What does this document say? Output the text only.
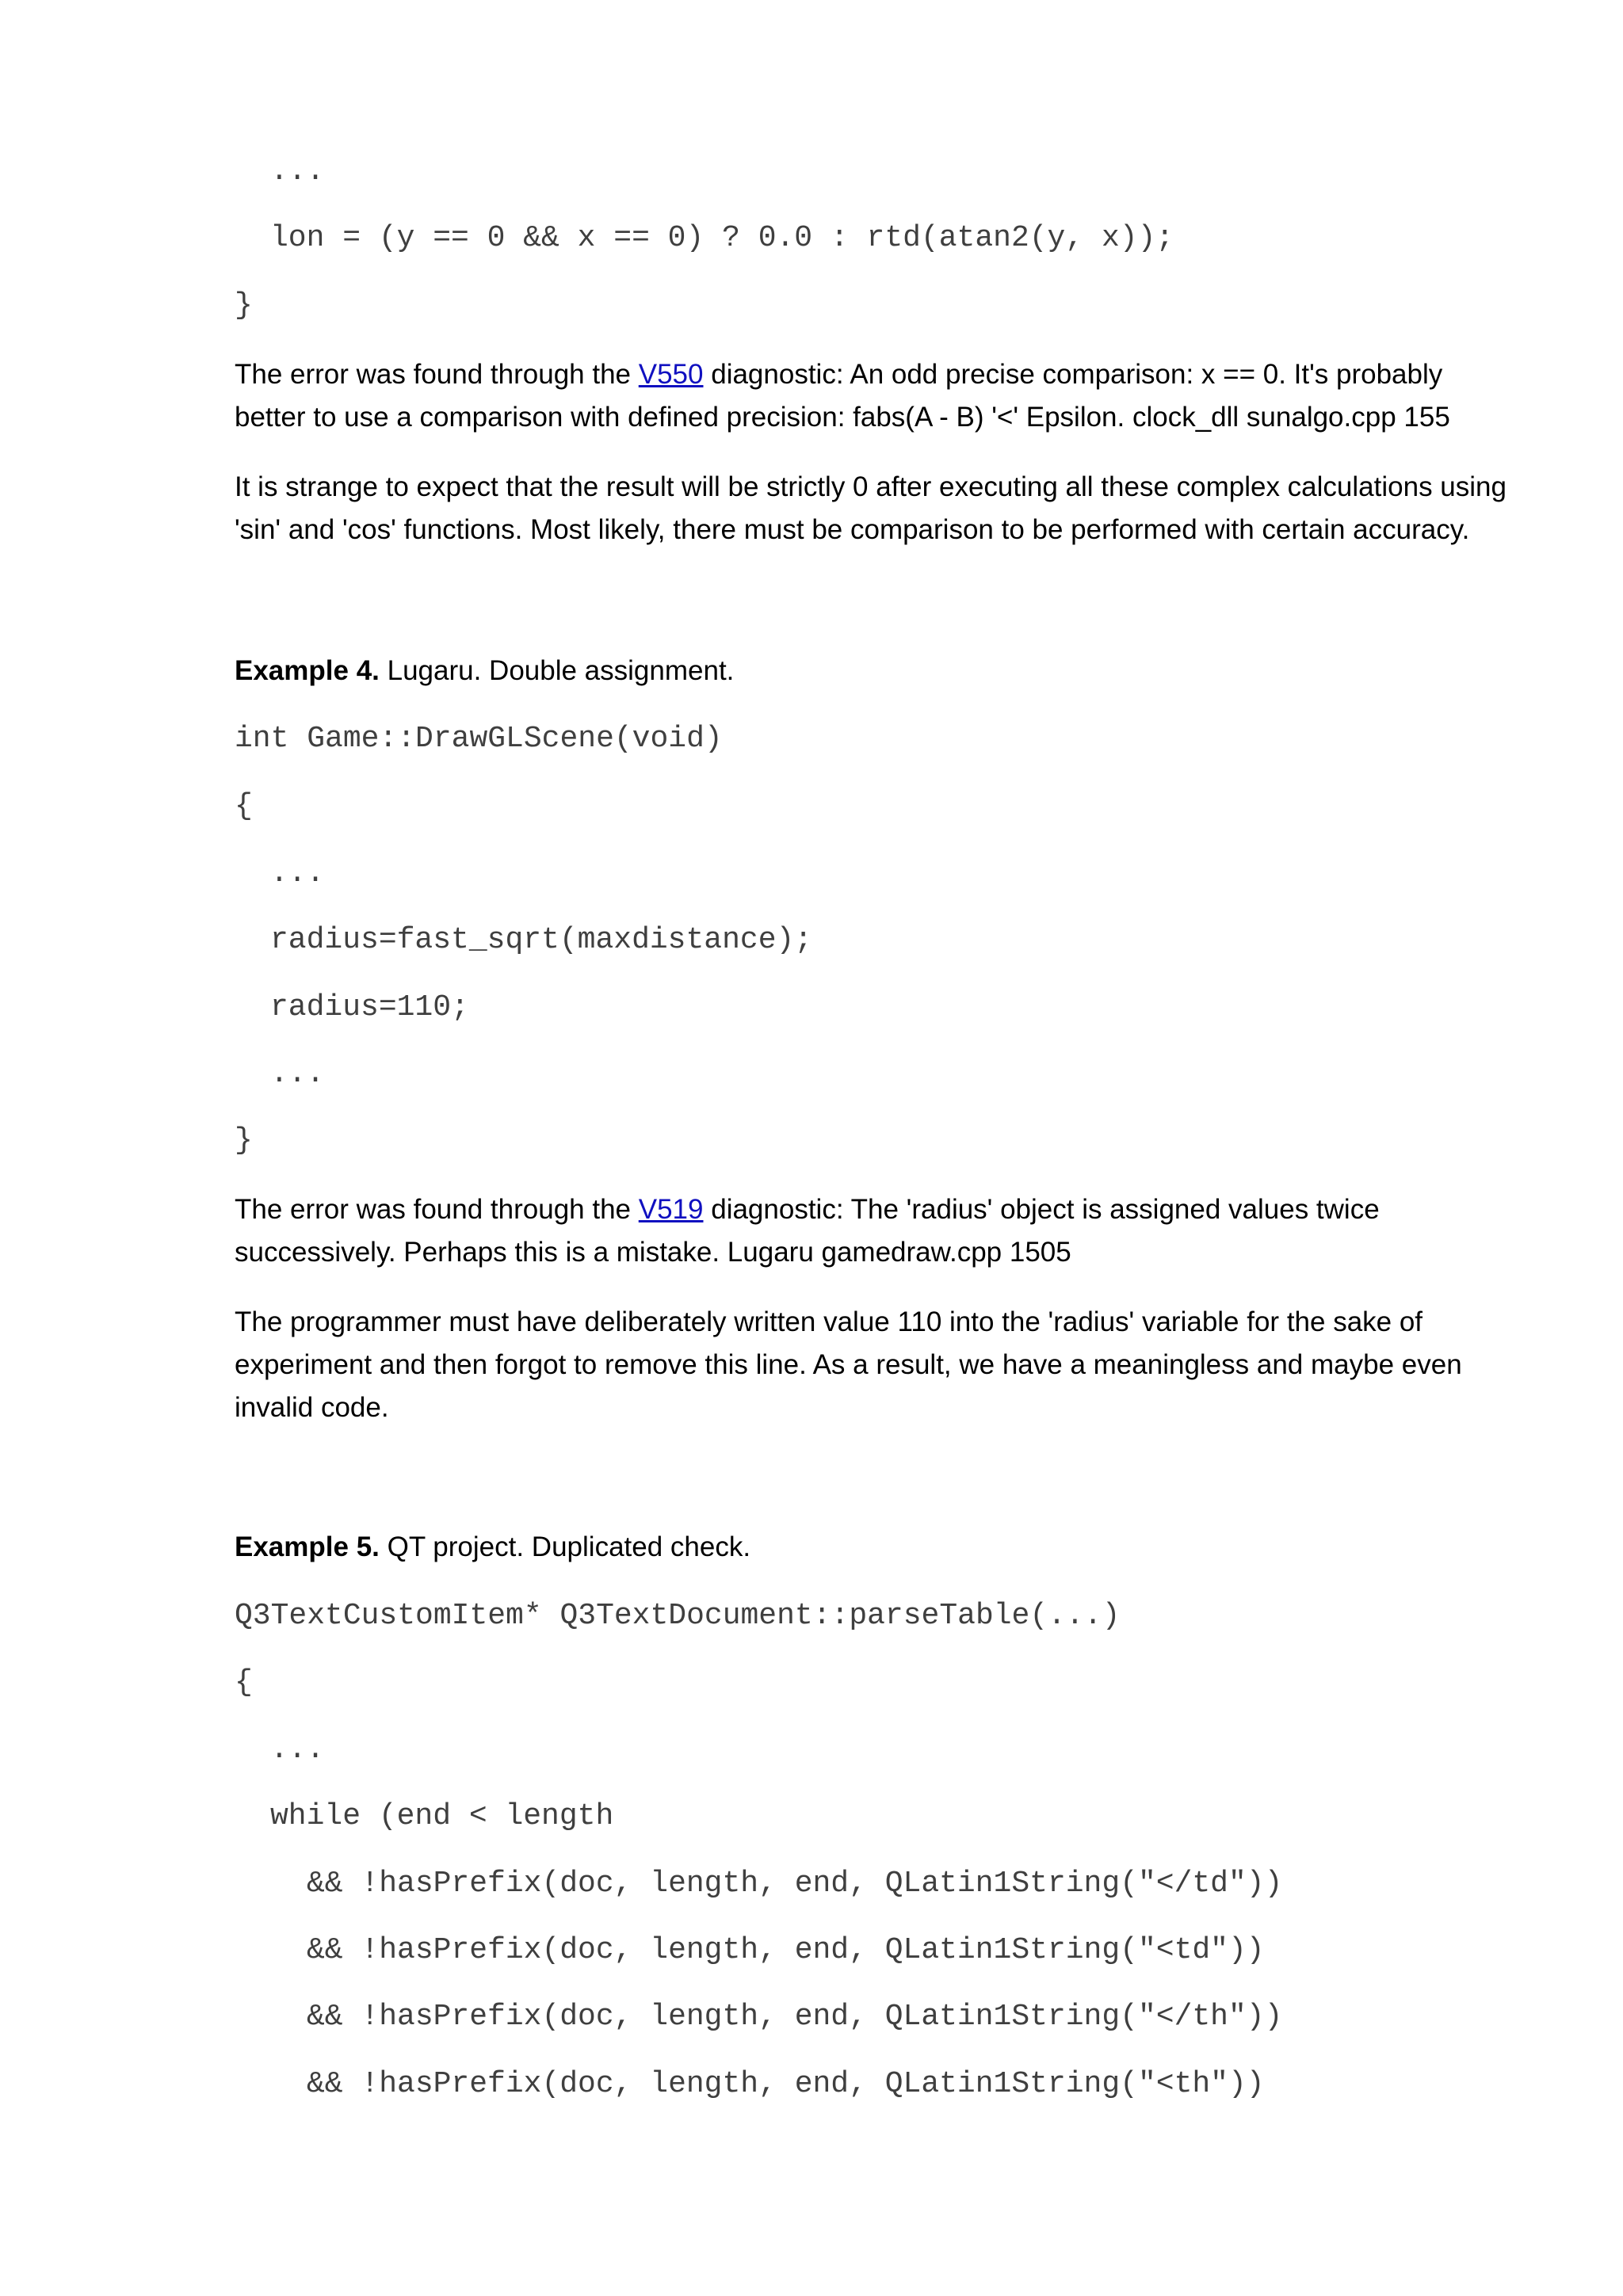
...
lon = (y == 0 && x == 0) ? 0.0 : rtd(atan2(y, x));
}
The error was found through the V550 diagnostic: An odd precise comparison: x == 0. It's probably
better to use a comparison with defined precision: fabs(A - B) '<' Epsilon. clock_dll sunalgo.cpp 155
It is strange to expect that the result will be strictly 0 after executing all these complex calculations using
'sin' and 'cos' functions. Most likely, there must be comparison to be performed with certain accuracy.
Example 4. Lugaru. Double assignment.
int Game::DrawGLScene(void)
{
...
radius=fast_sqrt(maxdistance);
radius=110;
...
}
The error was found through the V519 diagnostic: The 'radius' object is assigned values twice
successively. Perhaps this is a mistake. Lugaru gamedraw.cpp 1505
The programmer must have deliberately written value 110 into the 'radius' variable for the sake of
experiment and then forgot to remove this line. As a result, we have a meaningless and maybe even
invalid code.
Example 5. QT project. Duplicated check.
Q3TextCustomItem* Q3TextDocument::parseTable(...)
{
...
while (end < length
&& !hasPrefix(doc, length, end, QLatin1String("</td"))
&& !hasPrefix(doc, length, end, QLatin1String("<td"))
&& !hasPrefix(doc, length, end, QLatin1String("</th"))
&& !hasPrefix(doc, length, end, QLatin1String("<th"))
